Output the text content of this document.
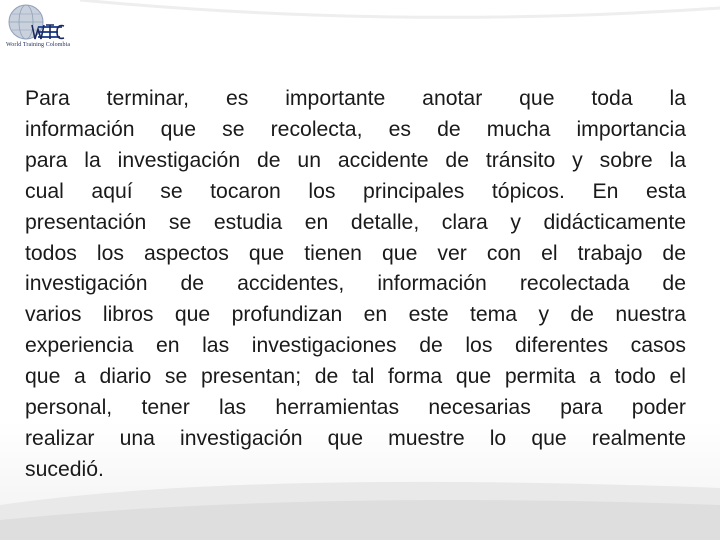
World Training Colombia
Para terminar, es importante anotar que toda la
información que se recolecta, es de mucha importancia
para la investigación de un accidente de tránsito y sobre la
cual aquí se tocaron los principales tópicos. En esta
presentación se estudia en detalle, clara y didácticamente
todos los aspectos que tienen que ver con el trabajo de
investigación de accidentes, información recolectada de
varios libros que profundizan en este tema y de nuestra
experiencia en las investigaciones de los diferentes casos
que a diario se presentan; de tal forma que permita a todo el
personal, tener las herramientas necesarias para poder
realizar una investigación que muestre lo que realmente
sucedió.
